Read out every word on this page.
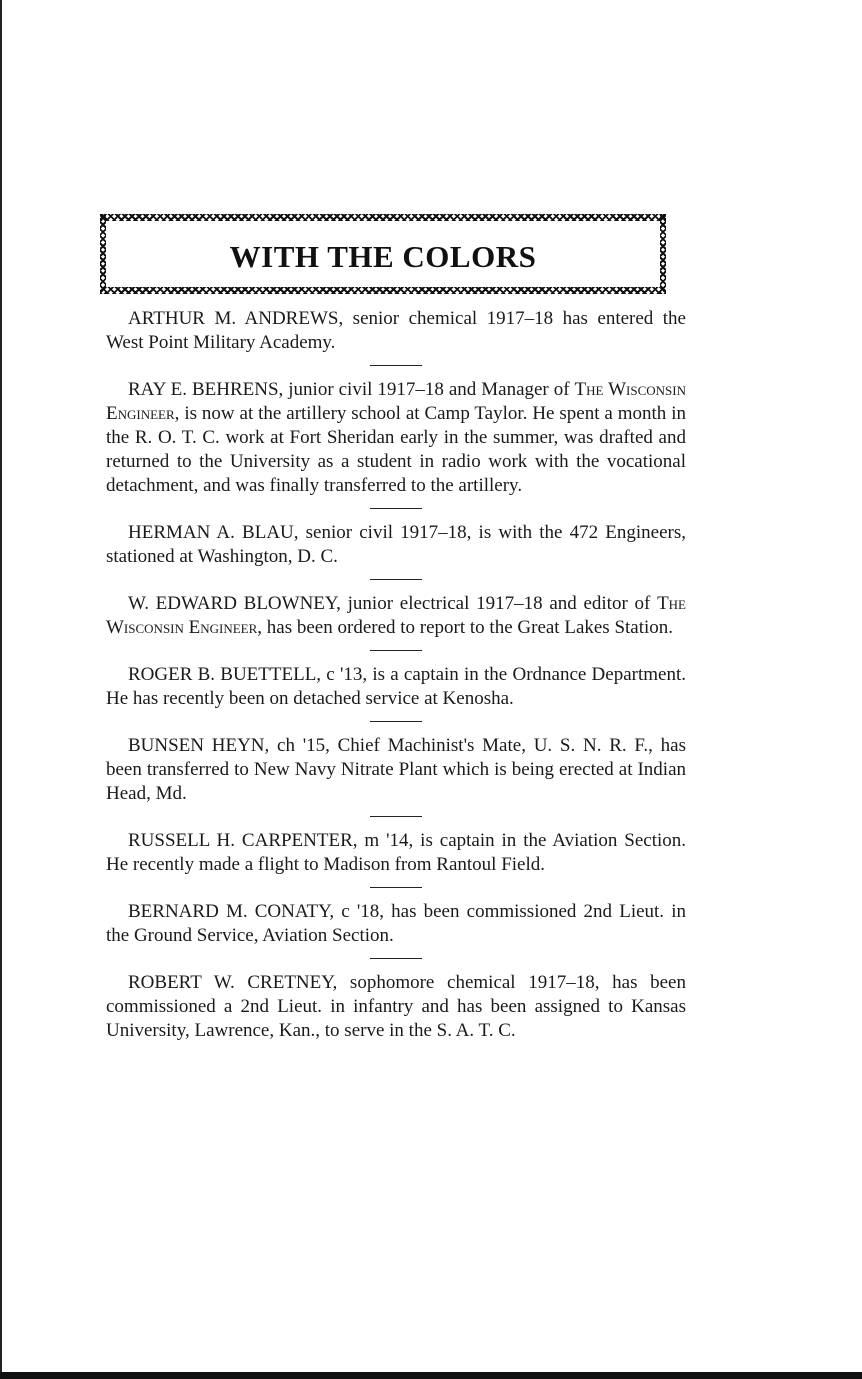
WITH THE COLORS

ARTHUR M. ANDREWS, senior chemical 1917–18 has entered the West Point Military Academy.

RAY E. BEHRENS, junior civil 1917–18 and Manager of The Wisconsin Engineer, is now at the artillery school at Camp Taylor. He spent a month in the R. O. T. C. work at Fort Sheridan early in the summer, was drafted and returned to the University as a student in radio work with the vocational detachment, and was finally transferred to the artillery.

HERMAN A. BLAU, senior civil 1917–18, is with the 472 Engineers, stationed at Washington, D. C.

W. EDWARD BLOWNEY, junior electrical 1917–18 and editor of The Wisconsin Engineer, has been ordered to report to the Great Lakes Station.

ROGER B. BUETTELL, c '13, is a captain in the Ordnance Department. He has recently been on detached service at Kenosha.

BUNSEN HEYN, ch '15, Chief Machinist's Mate, U. S. N. R. F., has been transferred to New Navy Nitrate Plant which is being erected at Indian Head, Md.

RUSSELL H. CARPENTER, m '14, is captain in the Aviation Section. He recently made a flight to Madison from Rantoul Field.

BERNARD M. CONATY, c '18, has been commissioned 2nd Lieut. in the Ground Service, Aviation Section.

ROBERT W. CRETNEY, sophomore chemical 1917–18, has been commissioned a 2nd Lieut. in infantry and has been assigned to Kansas University, Lawrence, Kan., to serve in the S. A. T. C.
